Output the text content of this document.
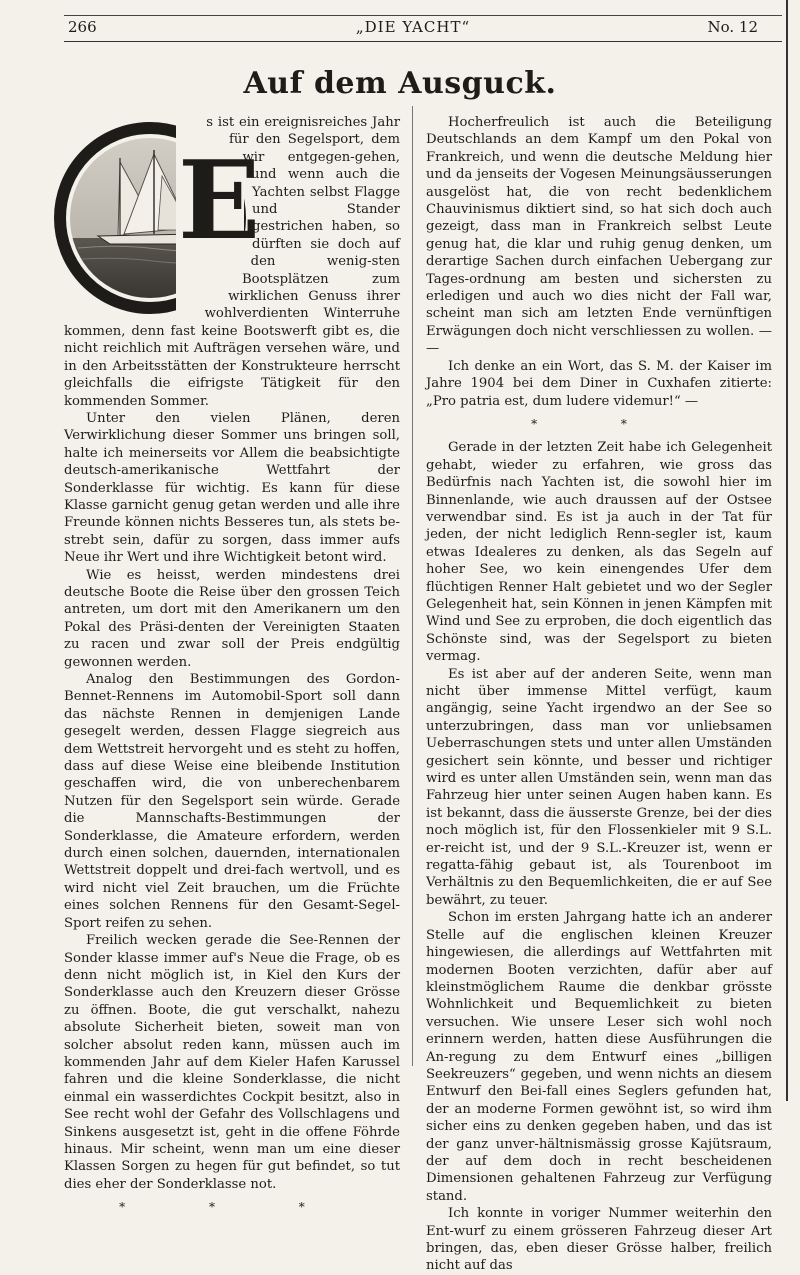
266	„DIE YACHT“	No. 12
Auf dem Ausguck.
E

s ist ein ereignisreiches Jahr für den Segelsport, dem wir entgegen-gehen, und wenn auch die Yachten selbst Flagge und Stander gestrichen haben, so dürften sie doch auf den wenig-sten Bootsplätzen zum wirklichen Genuss ihrer wohlverdienten Winterruhe kommen, denn fast keine Bootswerft gibt es, die nicht reichlich mit Aufträgen versehen wäre, und in den Arbeitsstätten der Konstrukteure herrscht gleichfalls die eifrigste Tätigkeit für den kommenden Sommer.

Unter den vielen Plänen, deren Verwirklichung dieser Sommer uns bringen soll, halte ich meinerseits vor Allem die beabsichtigte deutsch-amerikanische Wettfahrt der Sonderklasse für wichtig. Es kann für diese Klasse garnicht genug getan werden und alle ihre Freunde können nichts Besseres tun, als stets be-strebt sein, dafür zu sorgen, dass immer aufs Neue ihr Wert und ihre Wichtigkeit betont wird.

Wie es heisst, werden mindestens drei deutsche Boote die Reise über den grossen Teich antreten, um dort mit den Amerikanern um den Pokal des Präsi-denten der Vereinigten Staaten zu racen und zwar soll der Preis endgültig gewonnen werden.

Analog den Bestimmungen des Gordon-Bennet-Rennens im Automobil-Sport soll dann das nächste Rennen in demjenigen Lande gesegelt werden, dessen Flagge siegreich aus dem Wettstreit hervorgeht und es steht zu hoffen, dass auf diese Weise eine bleibende Institution geschaffen wird, die von unberechenbarem Nutzen für den Segelsport sein würde. Gerade die Mannschafts-Bestimmungen der Sonderklasse, die Amateure erfordern, werden durch einen solchen, dauernden, internationalen Wettstreit doppelt und drei-fach wertvoll, und es wird nicht viel Zeit brauchen, um die Früchte eines solchen Rennens für den Gesamt-Segel-Sport reifen zu sehen.

Freilich wecken gerade die See-Rennen der Sonder klasse immer auf's Neue die Frage, ob es denn nicht möglich ist, in Kiel den Kurs der Sonderklasse auch den Kreuzern dieser Grösse zu öffnen. Boote, die gut verschalkt, nahezu absolute Sicherheit bieten, soweit man von solcher absolut reden kann, müssen auch im kommenden Jahr auf dem Kieler Hafen Karussel fahren und die kleine Sonderklasse, die nicht einmal ein wasserdichtes Cockpit besitzt, also in See recht wohl der Gefahr des Vollschlagens und Sinkens ausgesetzt ist, geht in die offene Föhrde hinaus. Mir scheint, wenn man um eine dieser Klassen Sorgen zu hegen für gut befindet, so tut dies eher der Sonderklasse not.

* * *

Hocherfreulich ist auch die Beteiligung Deutschlands an dem Kampf um den Pokal von Frankreich, und wenn die deutsche Meldung hier und da jenseits der Vogesen Meinungsäusserungen ausgelöst hat, die von recht bedenklichem Chauvinismus diktiert sind, so hat sich doch auch gezeigt, dass man in Frankreich selbst Leute genug hat, die klar und ruhig genug denken, um derartige Sachen durch einfachen Uebergang zur Tages-ordnung am besten und sichersten zu erledigen und auch wo dies nicht der Fall war, scheint man sich am letzten Ende vernünftigen Erwägungen doch nicht verschliessen zu wollen. — —

Ich denke an ein Wort, das S. M. der Kaiser im Jahre 1904 bei dem Diner in Cuxhafen zitierte: „Pro patria est, dum ludere videmur!“ —

* *

Gerade in der letzten Zeit habe ich Gelegenheit gehabt, wieder zu erfahren, wie gross das Bedürfnis nach Yachten ist, die sowohl hier im Binnenlande, wie auch draussen auf der Ostsee verwendbar sind. Es ist ja auch in der Tat für jeden, der nicht lediglich Renn-segler ist, kaum etwas Idealeres zu denken, als das Segeln auf hoher See, wo kein einengendes Ufer dem flüchtigen Renner Halt gebietet und wo der Segler Gelegenheit hat, sein Können in jenen Kämpfen mit Wind und See zu erproben, die doch eigentlich das Schönste sind, was der Segelsport zu bieten vermag.

Es ist aber auf der anderen Seite, wenn man nicht über immense Mittel verfügt, kaum angängig, seine Yacht irgendwo an der See so unterzubringen, dass man vor unliebsamen Ueberraschungen stets und unter allen Umständen gesichert sein könnte, und besser und richtiger wird es unter allen Umständen sein, wenn man das Fahrzeug hier unter seinen Augen haben kann. Es ist bekannt, dass die äusserste Grenze, bei der dies noch möglich ist, für den Flossenkieler mit 9 S.L. er-reicht ist, und der 9 S.L.-Kreuzer ist, wenn er regatta-fähig gebaut ist, als Tourenboot im Verhältnis zu den Bequemlichkeiten, die er auf See bewährt, zu teuer.

Schon im ersten Jahrgang hatte ich an anderer Stelle auf die englischen kleinen Kreuzer hingewiesen, die allerdings auf Wettfahrten mit modernen Booten verzichten, dafür aber auf kleinstmöglichem Raume die denkbar grösste Wohnlichkeit und Bequemlichkeit zu bieten versuchen. Wie unsere Leser sich wohl noch erinnern werden, hatten diese Ausführungen die An-regung zu dem Entwurf eines „billigen Seekreuzers“ gegeben, und wenn nichts an diesem Entwurf den Bei-fall eines Seglers gefunden hat, der an moderne Formen gewöhnt ist, so wird ihm sicher eins zu denken gegeben haben, und das ist der ganz unver-hältnismässig grosse Kajütsraum, der auf dem doch in recht bescheidenen Dimensionen gehaltenen Fahrzeug zur Verfügung stand.

Ich konnte in voriger Nummer weiterhin den Ent-wurf zu einem grösseren Fahrzeug dieser Art bringen, das, eben dieser Grösse halber, freilich nicht auf das
